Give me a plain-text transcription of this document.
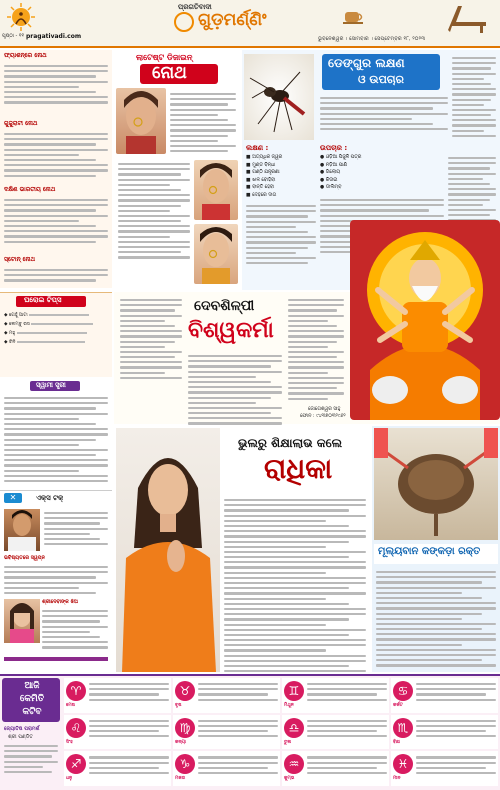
ପୃଷ୍ଠା - ୧୧ pragativadi.com
ପ୍ରଗତିବାଦୀ
ଗୁଡ଼ମର୍ଣ୍ଣିଂ
ଭୁବନେଶ୍ୱର । ସୋମବାର । ସେପ୍ଟେମ୍ବର ୧୮, ୨୦୨୩
ଫ୍ୟାଶନ୍‌ରେ ନୋଥ
ଗୁଜୁରାଟୀ ନୋଥ
ଦକ୍ଷିଣ ଭାରତୀୟ ନୋଥ
ସ୍ଟୋନ୍ ନୋଥ
ଲାଟେଷ୍ଟ ଡିଜାଇନ୍
ନୋଥ	ଡେଙ୍ଗୁର ଲକ୍ଷଣ
ଓ ଉପଚାର
ଲକ୍ଷଣ :
■ ଅତ୍ୟଧିକ ଜ୍ୱର
■ ମୁଣ୍ଡ ବିନ୍ଧା
■ ଗଣ୍ଠି ଯନ୍ତ୍ରଣା
■ ଝାଳ ବୋହିବା
■ ବାନ୍ତି ହେବା
■ ଦେହରେ ଦାଗ
ଉପଚାର :
● ଓଡ଼ିଆ ପିଜୁଳି ପତ୍ର
● ନଡ଼ିଆ ପାଣି
● ଗିଲୋୟ
● କିଉଇ
● ଡାଲିମ୍ବ
ଘରୋଇ ଟିପ୍ସ
◆ ଗେହୁଁ ଆଟା
◆ ଲେମ୍ବୁ ରସ
◆ ମହୁ
◆ ଚିନି
ସ୍ୱାମୀ ସ୍ତ୍ରୀ
ଏକ୍ସ ଟକ୍
✕
ଭବିଷ୍ୟତରେ ସ୍ୱପ୍ନ
ଶ୍ରୀଦେବୀଙ୍କ ଝିଅ
ଦେବଶିଳ୍ପୀ
ବିଶ୍ୱକର୍ମା
ଜୋଗେଶ୍ୱର ସାହୁ
ଫୋନ : ୯୪୩୭୦୩୨୯୬୨
ଭୁଲରୁ ଶିକ୍ଷାଲାଭ କଲେ
ରାଧିକା
ମୂଲ୍ୟବାନ କଙ୍କଡ଼ା ରକ୍ତ
ଆଜି
କେମିତି
କଟିବ
ଜ୍ୟୋତିଷ ପରାମର୍ଶ
ଶ୍ରୀ ପଣ୍ଡିତ
♈
ମେଷ
♉
ବୃଷ
♊
ମିଥୁନ
♋
କର୍କଟ
♌
ସିଂହ
♍
କନ୍ୟା
♎
ତୁଳା
♏
ବିଛା
♐
ଧନୁ
♑
ମକର
♒
କୁମ୍ଭ
♓
ମୀନ
